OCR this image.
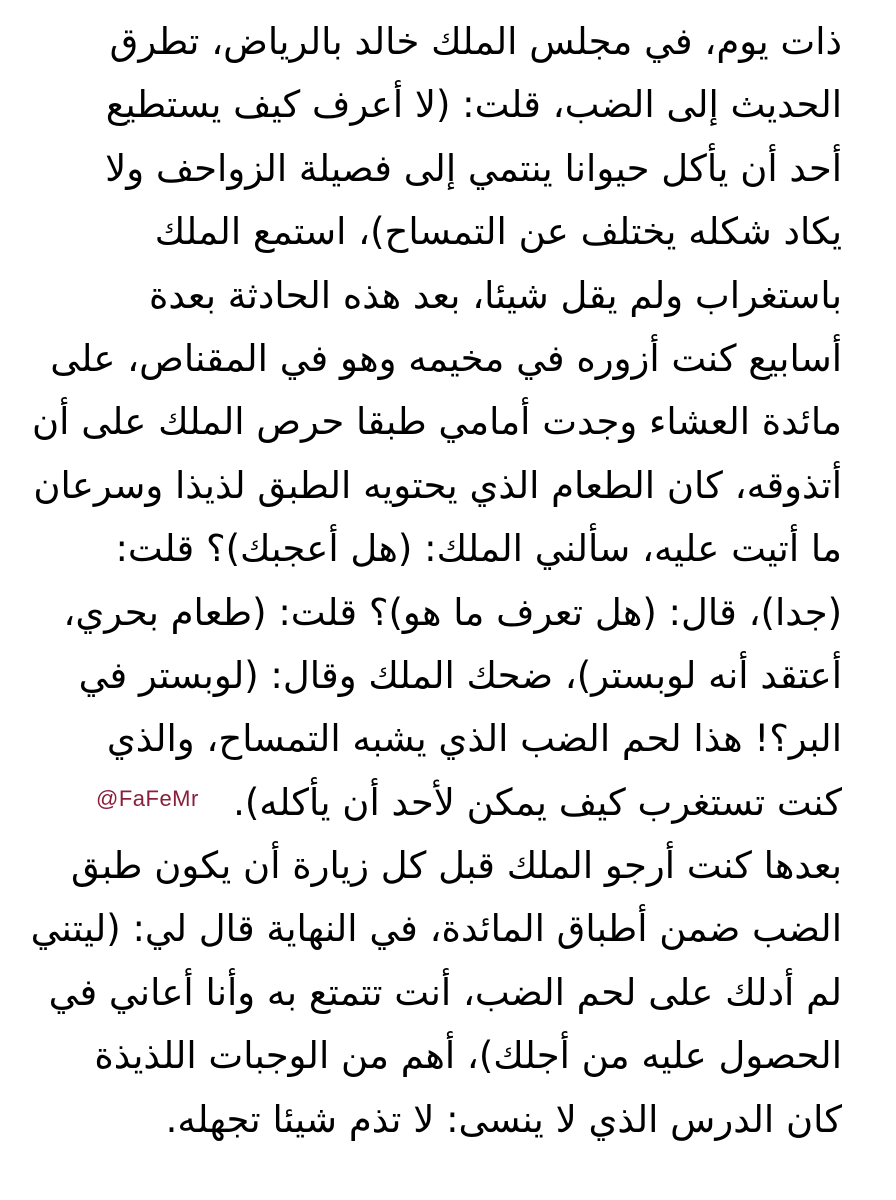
ذات يوم، في مجلس الملك خالد بالرياض، تطرق

الحديث إلى الضب، قلت: (لا أعرف كيف يستطيع

أحد أن يأكل حيوانا ينتمي إلى فصيلة الزواحف ولا

يكاد شكله يختلف عن التمساح)، استمع الملك

باستغراب ولم يقل شيئا، بعد هذه الحادثة بعدة

أسابيع كنت أزوره في مخيمه وهو في المقناص، على

مائدة العشاء وجدت أمامي طبقا حرص الملك على أن

أتذوقه، كان الطعام الذي يحتويه الطبق لذيذا وسرعان

ما أتيت عليه، سألني الملك: (هل أعجبك)؟ قلت:

(جدا)، قال: (هل تعرف ما هو)؟ قلت: (طعام بحري،

أعتقد أنه لوبستر)، ضحك الملك وقال: (لوبستر في

البر؟! هذا لحم الضب الذي يشبه التمساح، والذي

كنت تستغرب كيف يمكن لأحد أن يأكله).

بعدها كنت أرجو الملك قبل كل زيارة أن يكون طبق

الضب ضمن أطباق المائدة، في النهاية قال لي: (ليتني

لم أدلك على لحم الضب، أنت تتمتع به وأنا أعاني في

الحصول عليه من أجلك)، أهم من الوجبات اللذيذة

كان الدرس الذي لا ينسى: لا تذم شيئا تجهله.

@FaFeMr
